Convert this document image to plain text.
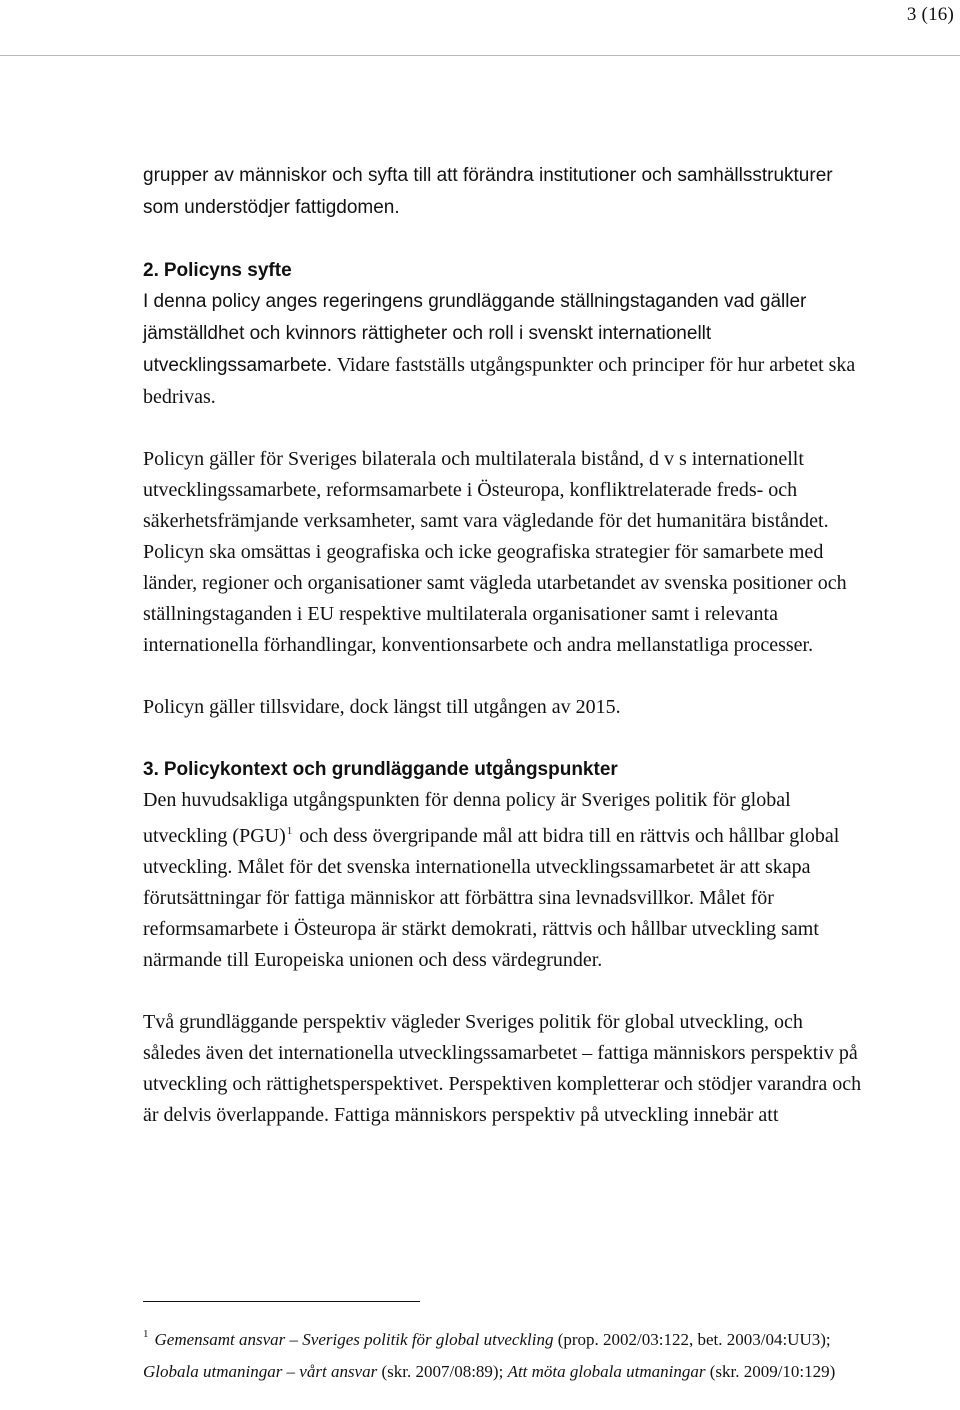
3 (16)

grupper av människor och syfta till att förändra institutioner och samhällsstrukturer som understödjer fattigdomen.

2. Policyns syfte

I denna policy anges regeringens grundläggande ställningstaganden vad gäller jämställdhet och kvinnors rättigheter och roll i svenskt internationellt utvecklingssamarbete. Vidare fastställs utgångspunkter och principer för hur arbetet ska bedrivas.

Policyn gäller för Sveriges bilaterala och multilaterala bistånd, d v s internationellt utvecklingssamarbete, reformsamarbete i Östeuropa, konfliktrelaterade freds- och säkerhetsfrämjande verksamheter, samt vara vägledande för det humanitära biståndet. Policyn ska omsättas i geografiska och icke geografiska strategier för samarbete med länder, regioner och organisationer samt vägleda utarbetandet av svenska positioner och ställningstaganden i EU respektive multilaterala organisationer samt i relevanta internationella förhandlingar, konventionsarbete och andra mellanstatliga processer.

Policyn gäller tillsvidare, dock längst till utgången av 2015.

3. Policykontext och grundläggande utgångspunkter

Den huvudsakliga utgångspunkten för denna policy är Sveriges politik för global utveckling (PGU)$^1$ och dess övergripande mål att bidra till en rättvis och hållbar global utveckling. Målet för det svenska internationella utvecklingssamarbetet är att skapa förutsättningar för fattiga människor att förbättra sina levnadsvillkor. Målet för reformsamarbete i Östeuropa är stärkt demokrati, rättvis och hållbar utveckling samt närmande till Europeiska unionen och dess värdegrunder.

Två grundläggande perspektiv vägleder Sveriges politik för global utveckling, och således även det internationella utvecklingssamarbetet – fattiga människors perspektiv på utveckling och rättighetsperspektivet. Perspektiven kompletterar och stödjer varandra och är delvis överlappande. Fattiga människors perspektiv på utveckling innebär att

$^1$ Gemensamt ansvar – Sveriges politik för global utveckling (prop. 2002/03:122, bet. 2003/04:UU3); Globala utmaningar – vårt ansvar (skr. 2007/08:89); Att möta globala utmaningar (skr. 2009/10:129)
